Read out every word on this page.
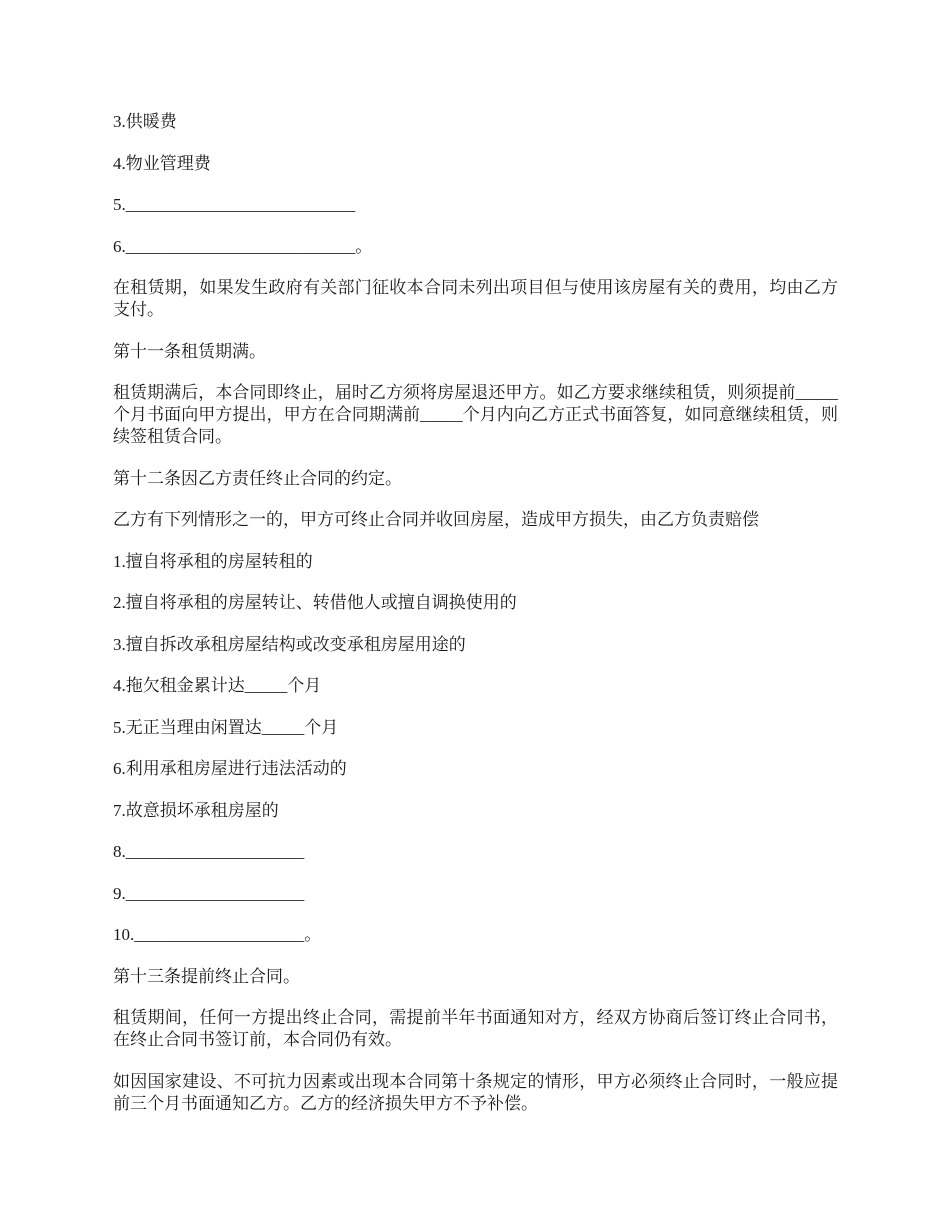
3.供暖费

4.物业管理费

5.___________________________

6.___________________________。

在租赁期，如果发生政府有关部门征收本合同未列出项目但与使用该房屋有关的费用，均由乙方支付。

第十一条租赁期满。

租赁期满后，本合同即终止，届时乙方须将房屋退还甲方。如乙方要求继续租赁，则须提前_____个月书面向甲方提出，甲方在合同期满前_____个月内向乙方正式书面答复，如同意继续租赁，则续签租赁合同。

第十二条因乙方责任终止合同的约定。

乙方有下列情形之一的，甲方可终止合同并收回房屋，造成甲方损失，由乙方负责赔偿

1.擅自将承租的房屋转租的

2.擅自将承租的房屋转让、转借他人或擅自调换使用的

3.擅自拆改承租房屋结构或改变承租房屋用途的

4.拖欠租金累计达_____个月

5.无正当理由闲置达_____个月

6.利用承租房屋进行违法活动的

7.故意损坏承租房屋的

8._____________________

9._____________________

10.____________________。

第十三条提前终止合同。

租赁期间，任何一方提出终止合同，需提前半年书面通知对方，经双方协商后签订终止合同书，在终止合同书签订前，本合同仍有效。

如因国家建设、不可抗力因素或出现本合同第十条规定的情形，甲方必须终止合同时，一般应提前三个月书面通知乙方。乙方的经济损失甲方不予补偿。
